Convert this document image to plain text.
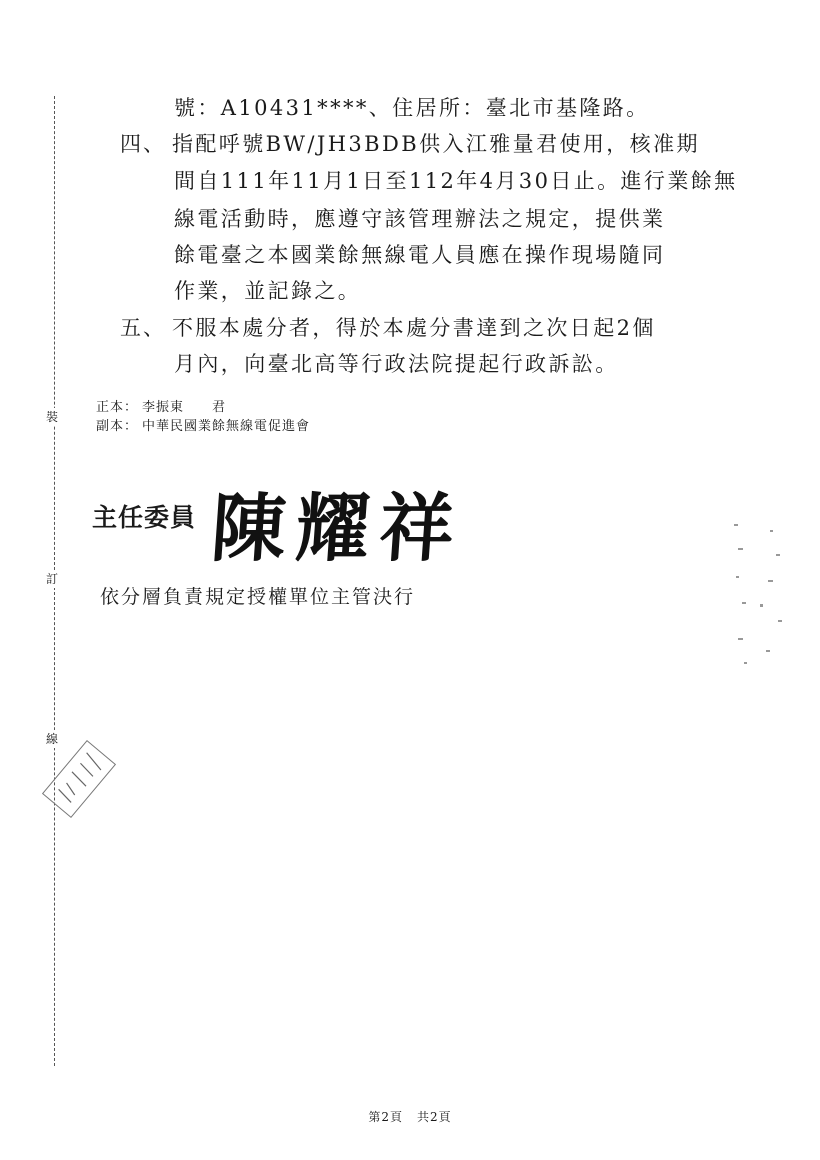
裝
訂
線
號：A10431****、住居所：臺北市基隆路。
四、 指配呼號BW/JH3BDB供入江雅量君使用，核准期
間自111年11月1日至112年4月30日止。進行業餘無
線電活動時，應遵守該管理辦法之規定，提供業
餘電臺之本國業餘無線電人員應在操作現場隨同
作業，並記錄之。
五、 不服本處分者，得於本處分書達到之次日起2個
月內，向臺北高等行政法院提起行政訴訟。
正本： 李振東　　君
副本： 中華民國業餘無線電促進會
主任委員 陳耀祥
依分層負責規定授權單位主管決行
第2頁 共2頁
